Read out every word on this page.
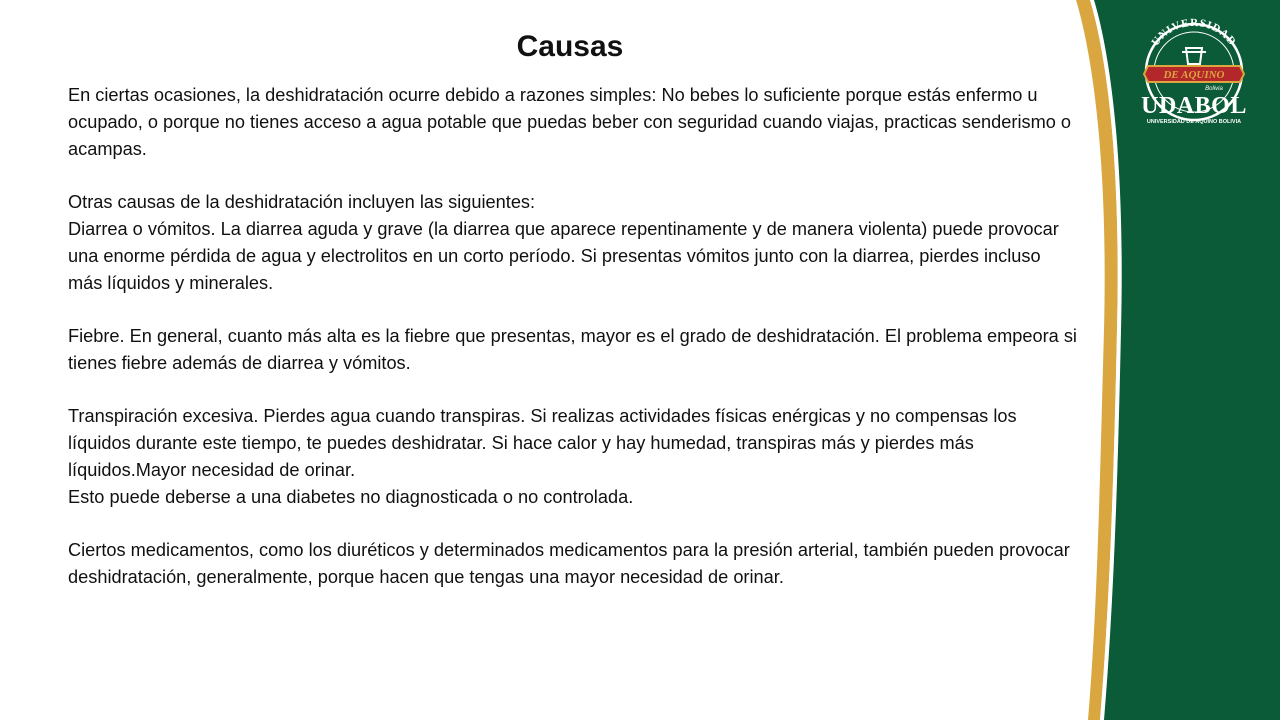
UNIVERSIDAD
DE AQUINO
Bolivia
UDABOL
UNIVERSIDAD DE AQUINO BOLIVIA
Causas

En ciertas ocasiones, la deshidratación ocurre debido a razones simples: No bebes lo suficiente porque estás enfermo u ocupado, o porque no tienes acceso a agua potable que puedas beber con seguridad cuando viajas, practicas senderismo o acampas.

Otras causas de la deshidratación incluyen las siguientes:

Diarrea o vómitos. La diarrea aguda y grave (la diarrea que aparece repentinamente y de manera violenta) puede provocar una enorme pérdida de agua y electrolitos en un corto período. Si presentas vómitos junto con la diarrea, pierdes incluso más líquidos y minerales.

Fiebre. En general, cuanto más alta es la fiebre que presentas, mayor es el grado de deshidratación. El problema empeora si tienes fiebre además de diarrea y vómitos.

Transpiración excesiva. Pierdes agua cuando transpiras. Si realizas actividades físicas enérgicas y no compensas los líquidos durante este tiempo, te puedes deshidratar. Si hace calor y hay humedad, transpiras más y pierdes más líquidos.Mayor necesidad de orinar.

Esto puede deberse a una diabetes no diagnosticada o no controlada.

Ciertos medicamentos, como los diuréticos y determinados medicamentos para la presión arterial, también pueden provocar deshidratación, generalmente, porque hacen que tengas una mayor necesidad de orinar.
